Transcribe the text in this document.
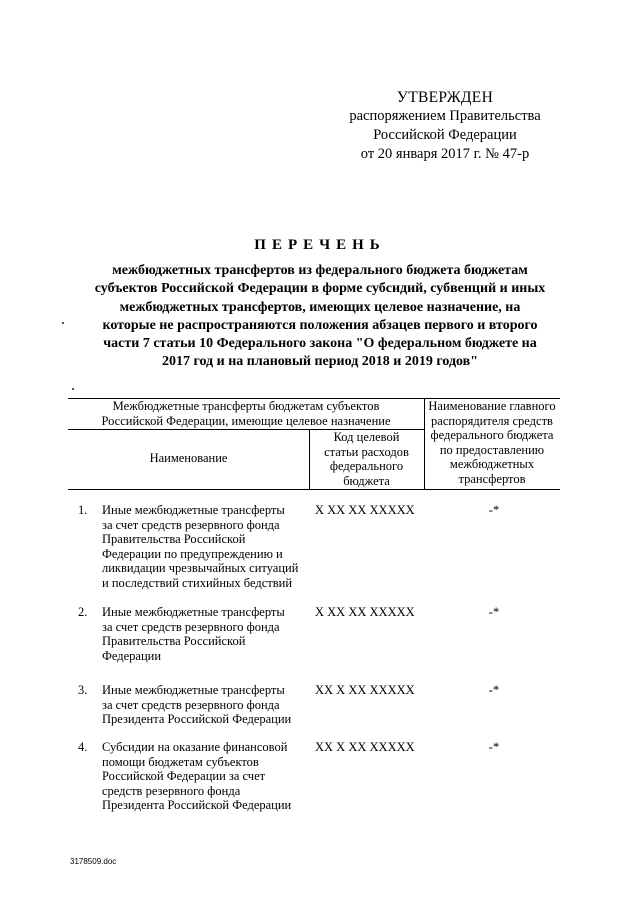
УТВЕРЖДЕН
распоряжением Правительства
Российской Федерации
от 20 января 2017 г. № 47-р
ПЕРЕЧЕНЬ
межбюджетных трансфертов из федерального бюджета бюджетам
субъектов Российской Федерации в форме субсидий, субвенций и иных
межбюджетных трансфертов, имеющих целевое назначение, на
которые не распространяются положения абзацев первого и второго
части 7 статьи 10 Федерального закона "О федеральном бюджете на
2017 год и на плановый период 2018 и 2019 годов"
Межбюджетные трансферты бюджетам субъектов
Российской Федерации, имеющие целевое назначение
Наименование
Код целевой
статьи расходов
федерального
бюджета
Наименование главного
распорядителя средств
федерального бюджета
по предоставлению
межбюджетных
трансфертов
1.	Иные межбюджетные трансферты
за счет средств резервного фонда
Правительства Российской
Федерации по предупреждению и
ликвидации чрезвычайных ситуаций
и последствий стихийных бедствий
Х ХХ ХХ ХХХХХ	-*
2.	Иные межбюджетные трансферты
за счет средств резервного фонда
Правительства Российской
Федерации
Х ХХ ХХ ХХХХХ	-*
3.	Иные межбюджетные трансферты
за счет средств резервного фонда
Президента Российской Федерации
ХХ Х ХХ ХХХХХ	-*
4.	Субсидии на оказание финансовой
помощи бюджетам субъектов
Российской Федерации за счет
средств резервного фонда
Президента Российской Федерации
ХХ Х ХХ ХХХХХ	-*
3178509.doc
